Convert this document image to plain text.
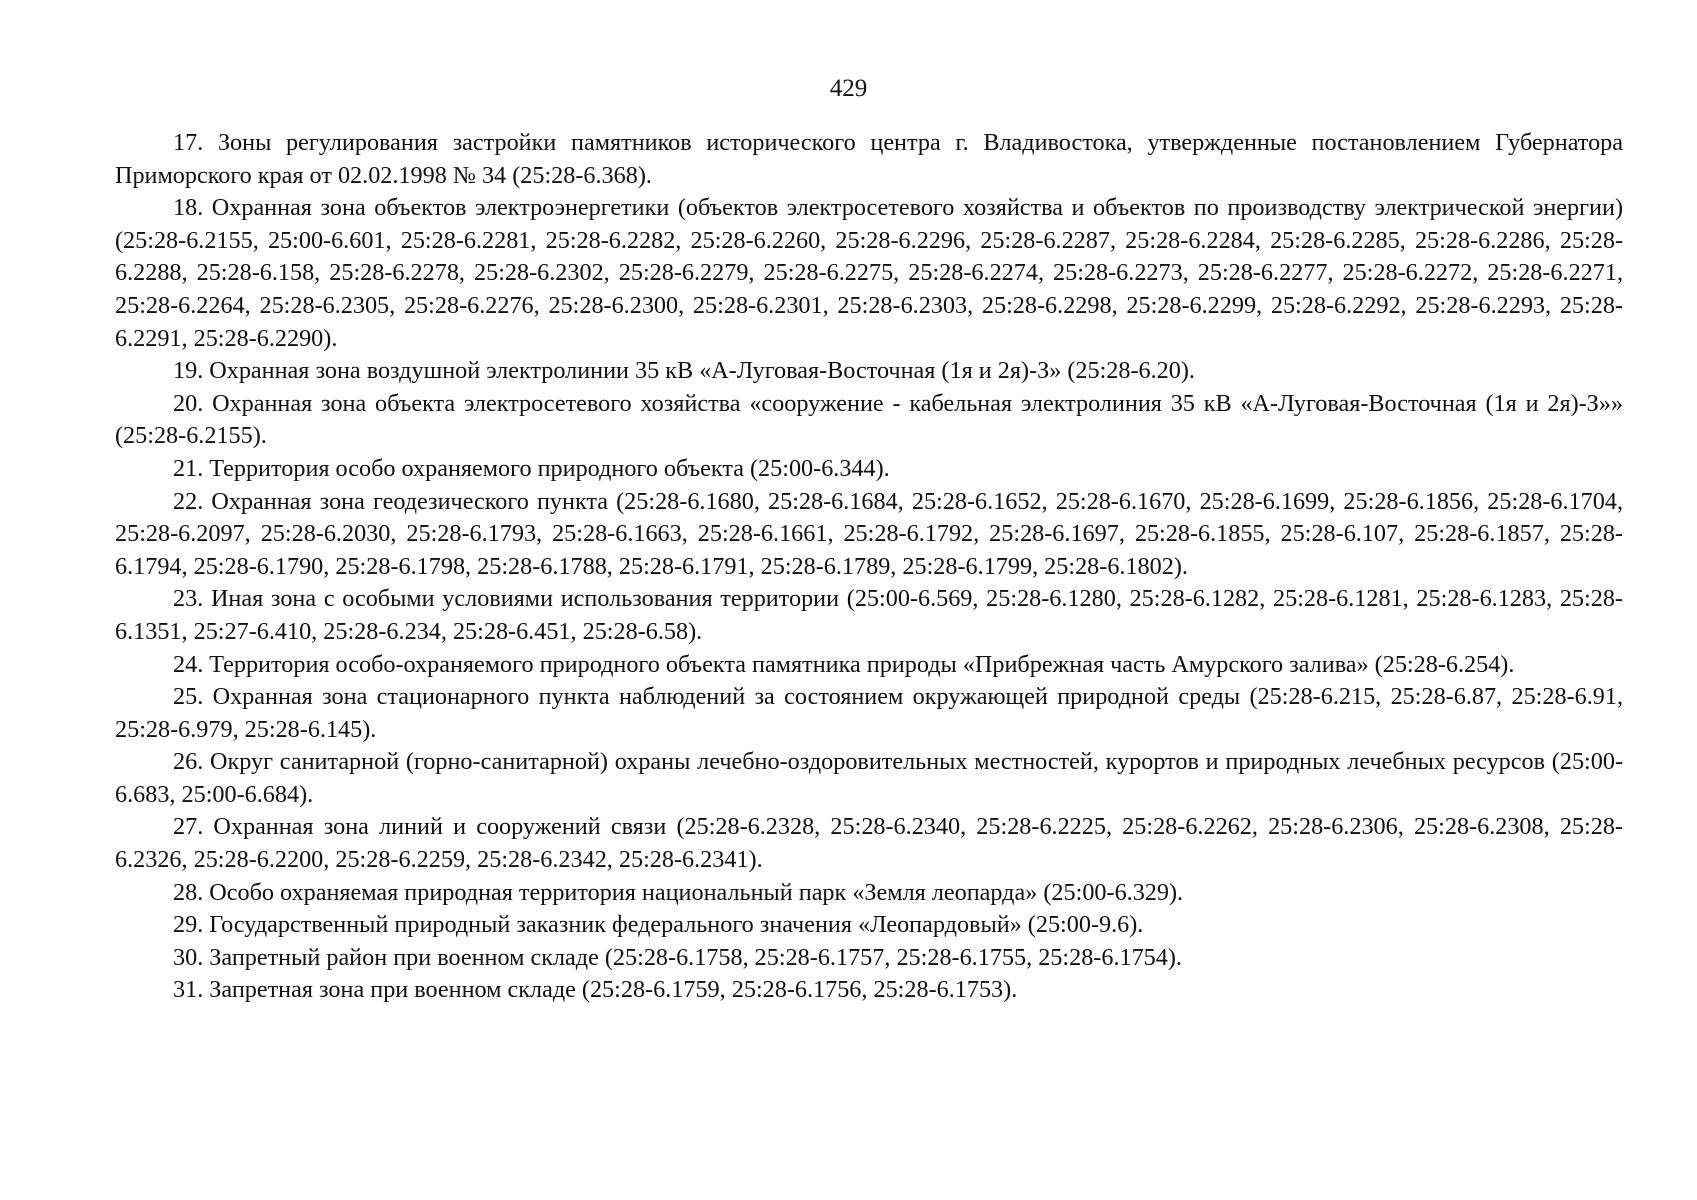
429

17. Зоны регулирования застройки памятников исторического центра г. Владивостока, утвержденные постановлением Губернатора Приморского края от 02.02.1998 № 34 (25:28-6.368).

18. Охранная зона объектов электроэнергетики (объектов электросетевого хозяйства и объектов по производству электрической энергии) (25:28-6.2155, 25:00-6.601, 25:28-6.2281, 25:28-6.2282, 25:28-6.2260, 25:28-6.2296, 25:28-6.2287, 25:28-6.2284, 25:28-6.2285, 25:28-6.2286, 25:28-6.2288, 25:28-6.158, 25:28-6.2278, 25:28-6.2302, 25:28-6.2279, 25:28-6.2275, 25:28-6.2274, 25:28-6.2273, 25:28-6.2277, 25:28-6.2272, 25:28-6.2271, 25:28-6.2264, 25:28-6.2305, 25:28-6.2276, 25:28-6.2300, 25:28-6.2301, 25:28-6.2303, 25:28-6.2298, 25:28-6.2299, 25:28-6.2292, 25:28-6.2293, 25:28-6.2291, 25:28-6.2290).

19. Охранная зона воздушной электролинии 35 кВ «А-Луговая-Восточная (1я и 2я)-З» (25:28-6.20).

20. Охранная зона объекта электросетевого хозяйства «сооружение - кабельная электролиния 35 кВ «А-Луговая-Восточная (1я и 2я)-З»» (25:28-6.2155).

21. Территория особо охраняемого природного объекта (25:00-6.344).

22. Охранная зона геодезического пункта (25:28-6.1680, 25:28-6.1684, 25:28-6.1652, 25:28-6.1670, 25:28-6.1699, 25:28-6.1856, 25:28-6.1704, 25:28-6.2097, 25:28-6.2030, 25:28-6.1793, 25:28-6.1663, 25:28-6.1661, 25:28-6.1792, 25:28-6.1697, 25:28-6.1855, 25:28-6.107, 25:28-6.1857, 25:28-6.1794, 25:28-6.1790, 25:28-6.1798, 25:28-6.1788, 25:28-6.1791, 25:28-6.1789, 25:28-6.1799, 25:28-6.1802).

23. Иная зона с особыми условиями использования территории (25:00-6.569, 25:28-6.1280, 25:28-6.1282, 25:28-6.1281, 25:28-6.1283, 25:28-6.1351, 25:27-6.410, 25:28-6.234, 25:28-6.451, 25:28-6.58).

24. Территория особо-охраняемого природного объекта памятника природы «Прибрежная часть Амурского залива» (25:28-6.254).

25. Охранная зона стационарного пункта наблюдений за состоянием окружающей природной среды (25:28-6.215, 25:28-6.87, 25:28-6.91, 25:28-6.979, 25:28-6.145).

26. Округ санитарной (горно-санитарной) охраны лечебно-оздоровительных местностей, курортов и природных лечебных ресурсов (25:00-6.683, 25:00-6.684).

27. Охранная зона линий и сооружений связи (25:28-6.2328, 25:28-6.2340, 25:28-6.2225, 25:28-6.2262, 25:28-6.2306, 25:28-6.2308, 25:28-6.2326, 25:28-6.2200, 25:28-6.2259, 25:28-6.2342, 25:28-6.2341).

28. Особо охраняемая природная территория национальный парк «Земля леопарда» (25:00-6.329).

29. Государственный природный заказник федерального значения «Леопардовый» (25:00-9.6).

30. Запретный район при военном складе (25:28-6.1758, 25:28-6.1757, 25:28-6.1755, 25:28-6.1754).

31. Запретная зона при военном складе (25:28-6.1759, 25:28-6.1756, 25:28-6.1753).
